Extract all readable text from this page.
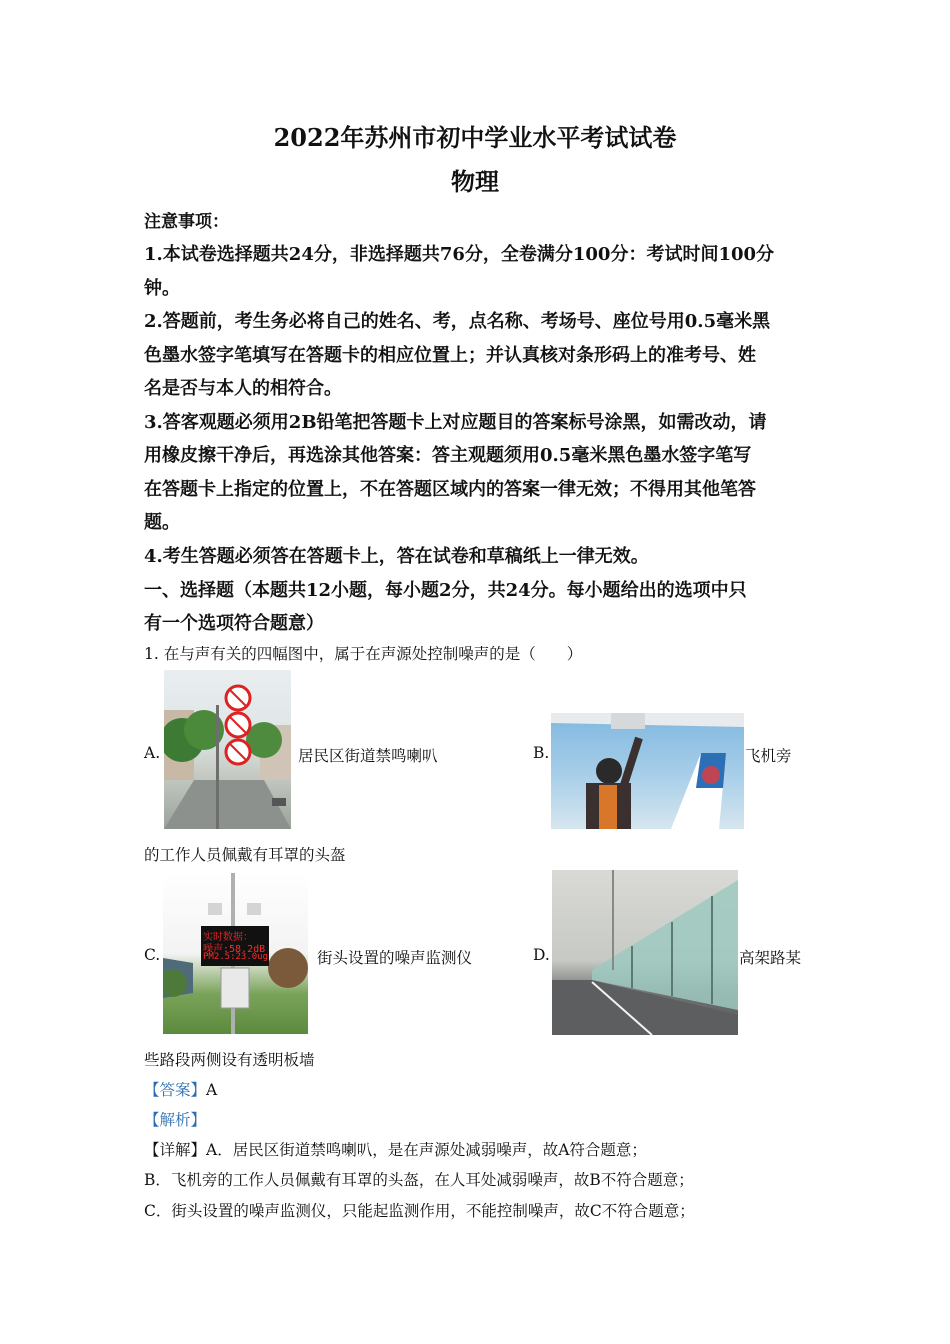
2022年苏州市初中学业水平考试试卷
物理
注意事项：
1.本试卷选择题共24分，非选择题共76分，全卷满分100分：考试时间100分
钟。
2.答题前，考生务必将自己的姓名、考，点名称、考场号、座位号用0.5毫米黑
色墨水签字笔填写在答题卡的相应位置上；并认真核对条形码上的准考号、姓
名是否与本人的相符合。
3.答客观题必须用2B铅笔把答题卡上对应题目的答案标号涂黑，如需改动，请
用橡皮擦干净后，再选涂其他答案：答主观题须用0.5毫米黑色墨水签字笔写
在答题卡上指定的位置上，不在答题区域内的答案一律无效；不得用其他笔答
题。
4.考生答题必须答在答题卡上，答在试卷和草稿纸上一律无效。
一、选择题（本题共12小题，每小题2分，共24分。每小题给出的选项中只
有一个选项符合题意）
1. 在与声有关的四幅图中，属于在声源处控制噪声的是（　　）
A.	居民区街道禁鸣喇叭	B.	飞机旁
的工作人员佩戴有耳罩的头盔
C.
实时数据：
噪声:58.2dB
PM2.5:23.0ug	街头设置的噪声监测仪	D.	高架路某
些路段两侧设有透明板墙
【答案】A
【解析】
【详解】A．居民区街道禁鸣喇叭，是在声源处减弱噪声，故A符合题意；
B．飞机旁的工作人员佩戴有耳罩的头盔，在人耳处减弱噪声，故B不符合题意；
C．街头设置的噪声监测仪，只能起监测作用，不能控制噪声，故C不符合题意；
